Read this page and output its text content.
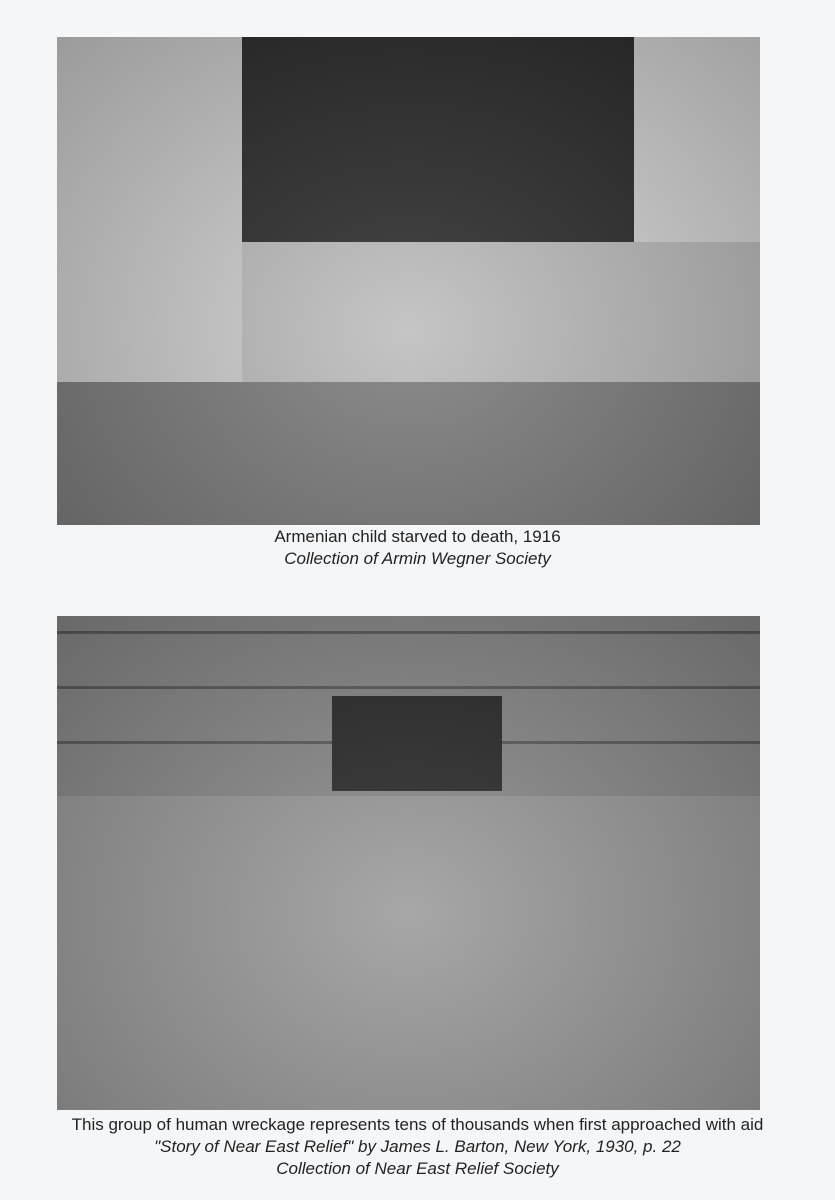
Armenian child starved to death, 1916
Collection of Armin Wegner Society
This group of human wreckage represents tens of thousands when first approached with aid
"Story of Near East Relief" by James L. Barton, New York, 1930, p. 22
Collection of Near East Relief Society
